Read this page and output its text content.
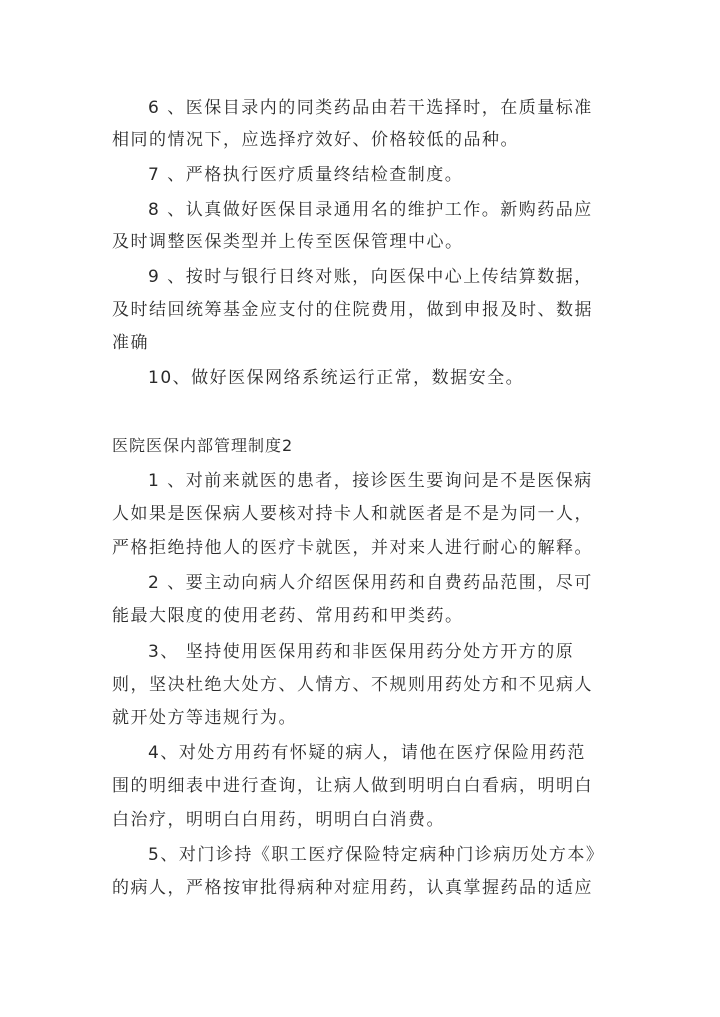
6 、医保目录内的同类药品由若干选择时，在质量标准
相同的情况下，应选择疗效好、价格较低的品种。
7 、严格执行医疗质量终结检查制度。
8 、认真做好医保目录通用名的维护工作。新购药品应
及时调整医保类型并上传至医保管理中心。
9 、按时与银行日终对账，向医保中心上传结算数据，
及时结回统筹基金应支付的住院费用，做到申报及时、数据
准确
10、做好医保网络系统运行正常，数据安全。
医院医保内部管理制度2
1 、对前来就医的患者，接诊医生要询问是不是医保病
人如果是医保病人要核对持卡人和就医者是不是为同一人，
严格拒绝持他人的医疗卡就医，并对来人进行耐心的解释。
2 、要主动向病人介绍医保用药和自费药品范围，尽可
能最大限度的使用老药、常用药和甲类药。
3、 坚持使用医保用药和非医保用药分处方开方的原
则，坚决杜绝大处方、人情方、不规则用药处方和不见病人
就开处方等违规行为。
4、对处方用药有怀疑的病人，请他在医疗保险用药范
围的明细表中进行查询，让病人做到明明白白看病，明明白
白治疗，明明白白用药，明明白白消费。
5、对门诊持《职工医疗保险特定病种门诊病历处方本》
的病人，严格按审批得病种对症用药，认真掌握药品的适应
